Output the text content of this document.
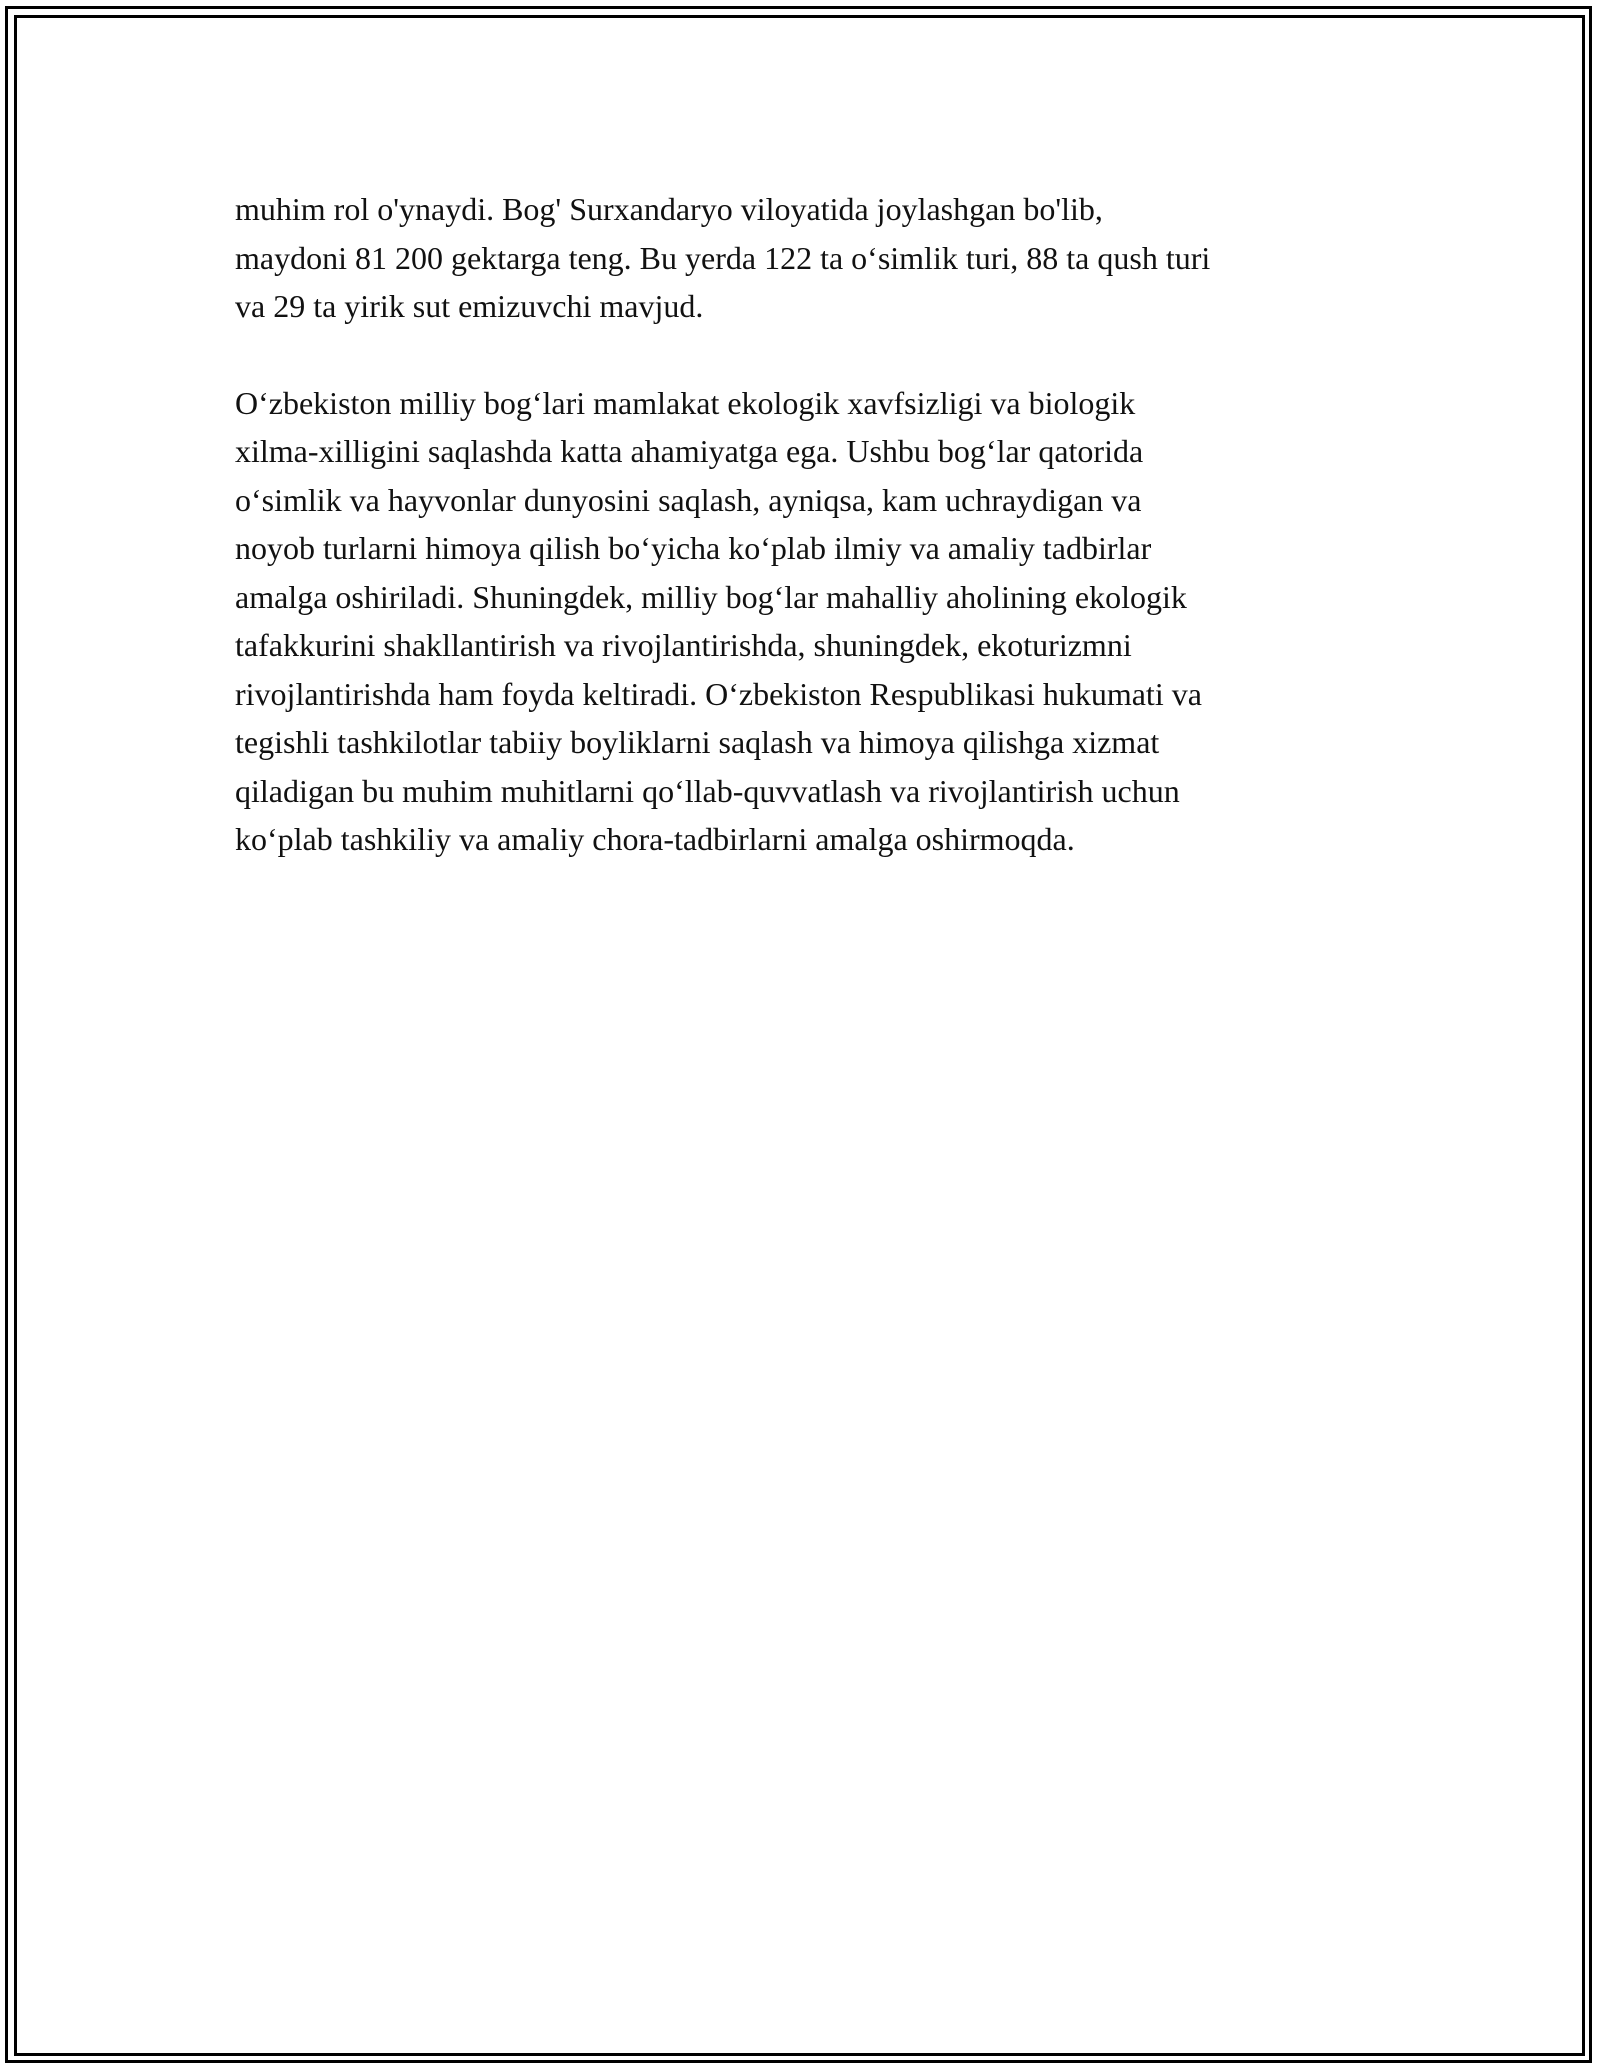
muhim rol o'ynaydi. Bog' Surxandaryo viloyatida joylashgan bo'lib,
maydoni 81 200 gektarga teng. Bu yerda 122 ta o‘simlik turi, 88 ta qush turi
va 29 ta yirik sut emizuvchi mavjud.

O‘zbekiston milliy bog‘lari mamlakat ekologik xavfsizligi va biologik
xilma-xilligini saqlashda katta ahamiyatga ega. Ushbu bog‘lar qatorida
o‘simlik va hayvonlar dunyosini saqlash, ayniqsa, kam uchraydigan va
noyob turlarni himoya qilish bo‘yicha ko‘plab ilmiy va amaliy tadbirlar
amalga oshiriladi. Shuningdek, milliy bog‘lar mahalliy aholining ekologik
tafakkurini shakllantirish va rivojlantirishda, shuningdek, ekoturizmni
rivojlantirishda ham foyda keltiradi. O‘zbekiston Respublikasi hukumati va
tegishli tashkilotlar tabiiy boyliklarni saqlash va himoya qilishga xizmat
qiladigan bu muhim muhitlarni qo‘llab-quvvatlash va rivojlantirish uchun
ko‘plab tashkiliy va amaliy chora-tadbirlarni amalga oshirmoqda.
